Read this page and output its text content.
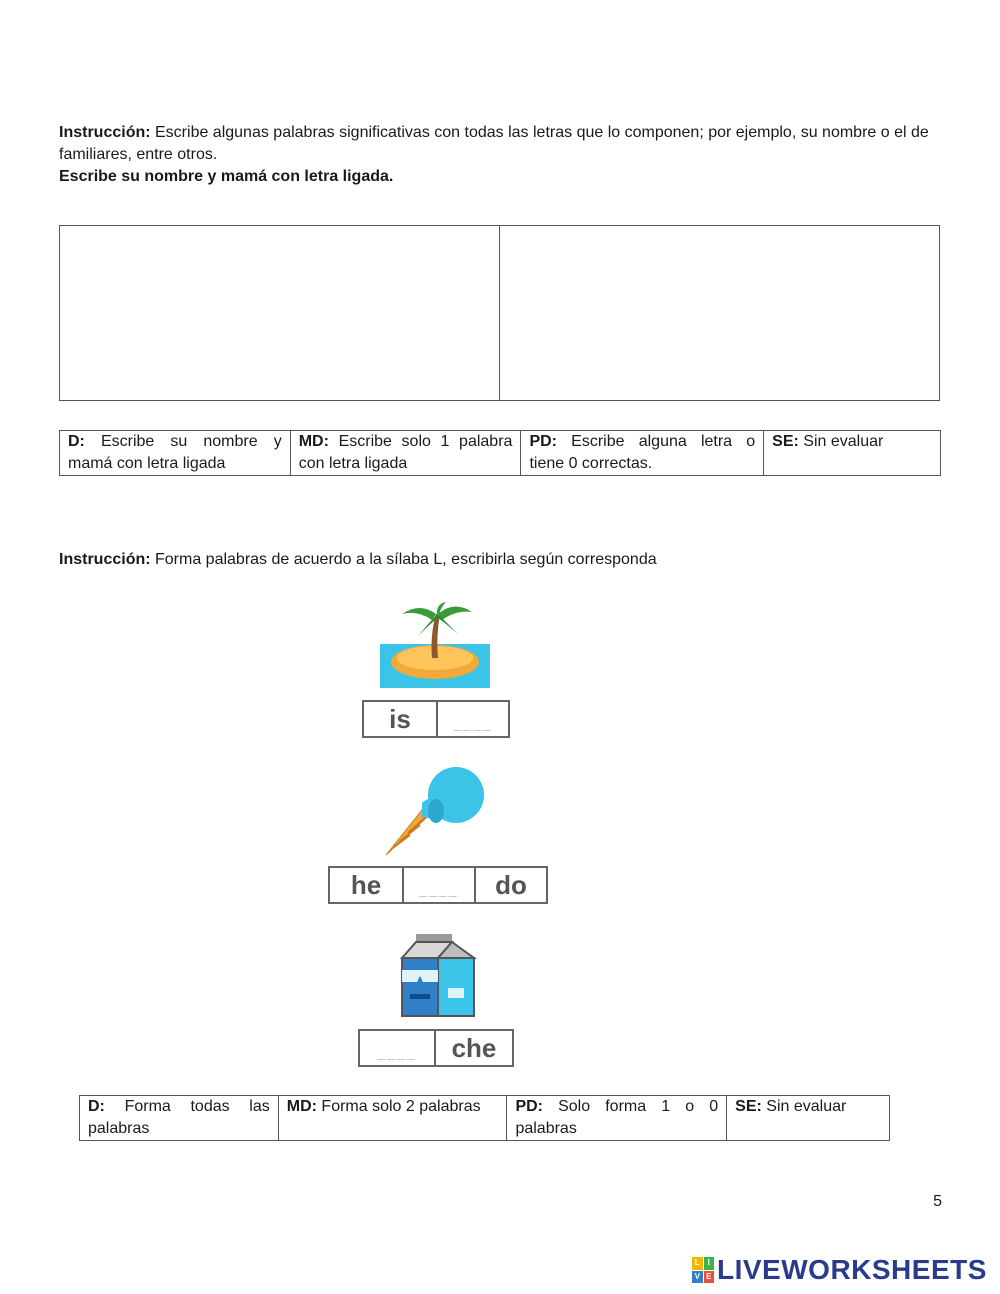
Instrucción: Escribe algunas palabras significativas con todas las letras que lo componen; por ejemplo, su nombre o el de familiares, entre otros.
Escribe su nombre y mamá con letra ligada.
D: Escribe su nombre y mamá con letra ligada	MD: Escribe solo 1 palabra con letra ligada	PD: Escribe alguna letra o tiene 0 correctas.	SE: Sin evaluar
Instrucción: Forma palabras de acuerdo a la sílaba L, escribirla según corresponda
is	____
he	____	do
____	che
D: Forma todas las palabras	MD: Forma solo 2 palabras	PD: Solo forma 1 o 0 palabras	SE: Sin evaluar
5
L I
V E LIVEWORKSHEETS
